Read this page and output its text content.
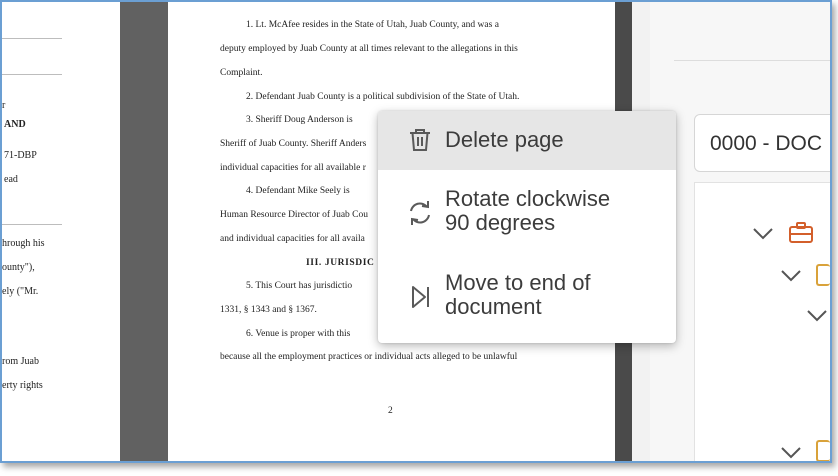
r
AND
71-DBP
ead
hrough his
ounty"),
ely ("Mr.
rom Juab
erty rights
1. Lt. McAfee resides in the State of Utah, Juab County, and was a
deputy employed by Juab County at all times relevant to the allegations in this
Complaint.
2. Defendant Juab County is a political subdivision of the State of Utah.
3. Sheriff Doug Anderson is
Sheriff of Juab County. Sheriff Anders
individual capacities for all available r
4. Defendant Mike Seely is
Human Resource Director of Juab Cou
and individual capacities for all availa
III. JURISDIC
5. This Court has jurisdictio
1331, § 1343 and § 1367.
6. Venue is proper with this
because all the employment practices or individual acts alleged to be unlawful
2
0000 - DOC
Delete page
Rotate clockwise
90 degrees
Move to end of
document
